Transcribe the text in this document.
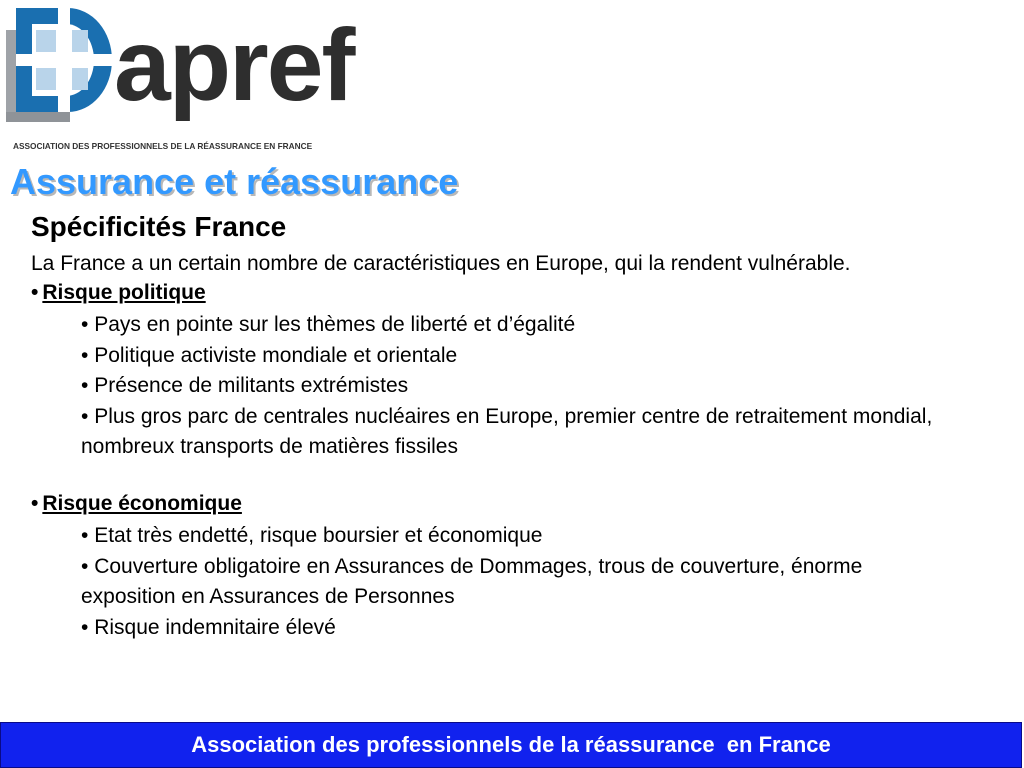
apref
ASSOCIATION DES PROFESSIONNELS DE LA RÉASSURANCE EN FRANCE
Assurance et réassurance
Spécificités France

La France a un certain nombre de caractéristiques en Europe, qui la rendent vulnérable.

• Risque politique
• Pays en pointe sur les thèmes de liberté et d’égalité
• Politique activiste mondiale et orientale
• Présence de militants extrémistes
• Plus gros parc de centrales nucléaires en Europe, premier centre de retraitement mondial, nombreux transports de matières fissiles
• Risque économique
• Etat très endetté, risque boursier et économique
• Couverture obligatoire en Assurances de Dommages, trous de couverture, énorme exposition en Assurances de Personnes
• Risque indemnitaire élevé
Association des professionnels de la réassurance  en France
